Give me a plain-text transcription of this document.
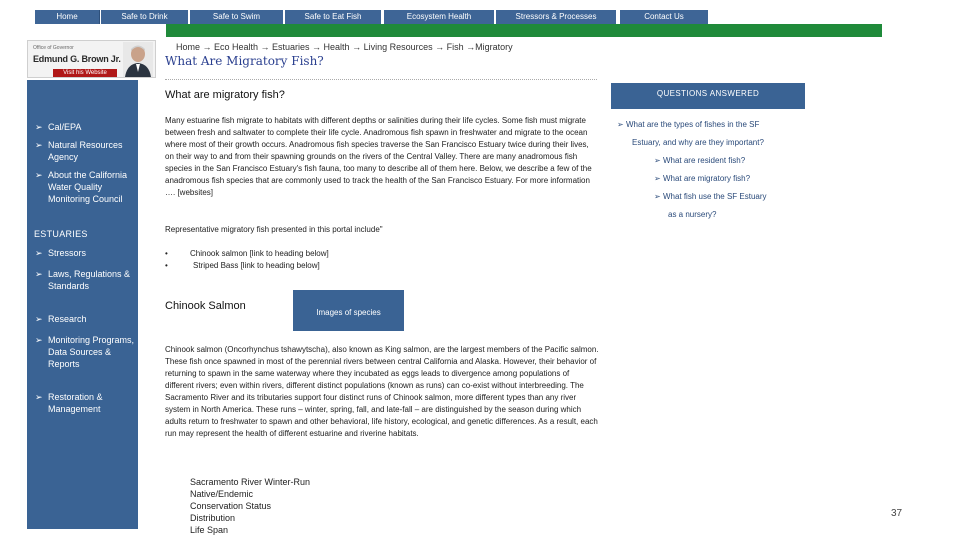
Home	Safe to Drink	Safe to Swim	Safe to Eat Fish	Ecosystem Health	Stressors & Processes	Contact Us
Office of Governor
Edmund G. Brown Jr.
Visit his Website
➢ Cal/EPA
➢ Natural Resources Agency
➢ About the California Water Quality Monitoring Council
ESTUARIES
➢ Stressors
➢ Laws, Regulations & Standards
➢ Research
➢ Monitoring Programs, Data Sources & Reports
➢ Restoration & Management
Home → Eco Health → Estuaries → Health → Living Resources → Fish →Migratory
What Are Migratory Fish?
What are migratory fish?
Many estuarine fish migrate to habitats with different depths or salinities during their life cycles. Some fish must migrate between fresh and saltwater to complete their life cycle. Anadromous fish spawn in freshwater and migrate to the ocean where most of their growth occurs. Anadromous fish species traverse the San Francisco Estuary twice during their lives, on their way to and from their spawning grounds on the rivers of the Central Valley. There are many anadromous fish species in the San Francisco Estuary's fish fauna, too many to describe all of them here. Below, we describe a few of the anadromous fish species that are commonly used to track the health of the San Francisco Estuary. For more information …. [websites]
Representative migratory fish presented in this portal include"
•	Chinook salmon [link to heading below]
•	Striped Bass [link to heading below]
Chinook Salmon
Images of species
Chinook salmon (Oncorhynchus tshawytscha), also known as King salmon, are the largest members of the Pacific salmon. These fish once spawned in most of the perennial rivers between central California and Alaska. However, their behavior of returning to spawn in the same waterway where they incubated as eggs leads to divergence among populations of different rivers; even within rivers, different distinct populations (known as runs) can co-exist without interbreeding. The Sacramento River and its tributaries support four distinct runs of Chinook salmon, more different types than any river system in North America. These runs – winter, spring, fall, and late-fall – are distinguished by the season during which adults return to freshwater to spawn and other behavioral, life history, ecological, and genetic differences. As a result, each run may represent the health of different estuarine and riverine habitats.
Sacramento River Winter-Run
Native/Endemic
Conservation Status
Distribution
Life Span
QUESTIONS ANSWERED
➢ What are the types of fishes in the SF
Estuary, and why are they important?
➢ What are resident fish?
➢ What are migratory fish?
➢ What fish use the SF Estuary
as a nursery?
37
